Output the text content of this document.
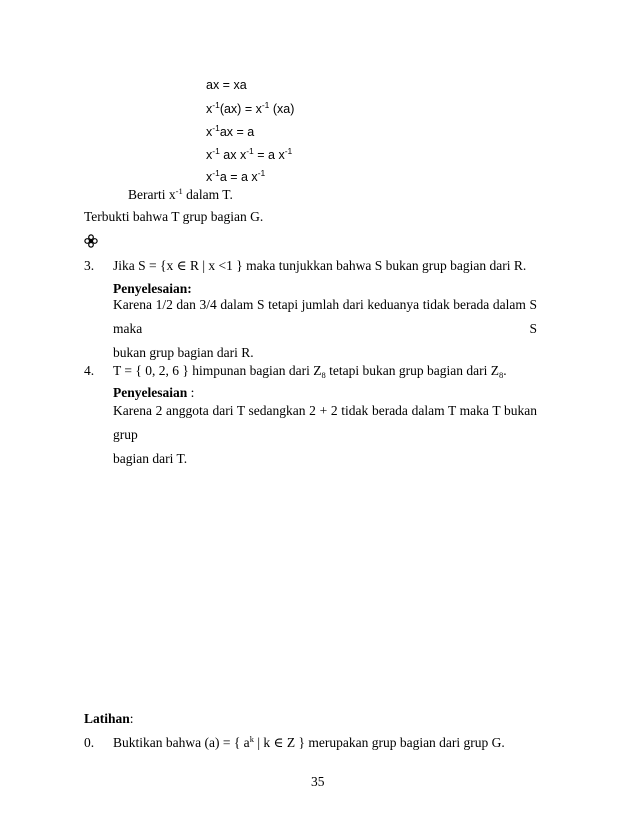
ax = xa
$x^{-1}(ax) = x^{-1}$ (xa)
$x^{-1}ax = a$
$x^{-1}$ ax $x^{-1} = a$ $x^{-1}$
$x^{-1}a = a$ $x^{-1}$
Berarti $x^{-1}$ dalam T.
Terbukti bahwa T grup bagian G.
3. Jika S = {x ∈ R | x <1 } maka tunjukkan bahwa S bukan grup bagian dari R.
Penyelesaian:
Karena 1/2 dan 3/4 dalam S tetapi jumlah dari keduanya tidak berada dalam S maka S
bukan grup bagian dari R.
4. T = { 0, 2, 6 } himpunan bagian dari $Z_8$ tetapi bukan grup bagian dari $Z_8$.
Penyelesaian :
Karena 2 anggota dari T sedangkan 2 + 2 tidak berada dalam T maka T bukan grup
bagian dari T.
Latihan:
0. Buktikan bahwa (a) = { $a^k$ | k ∈ Z } merupakan grup bagian dari grup G.
35
